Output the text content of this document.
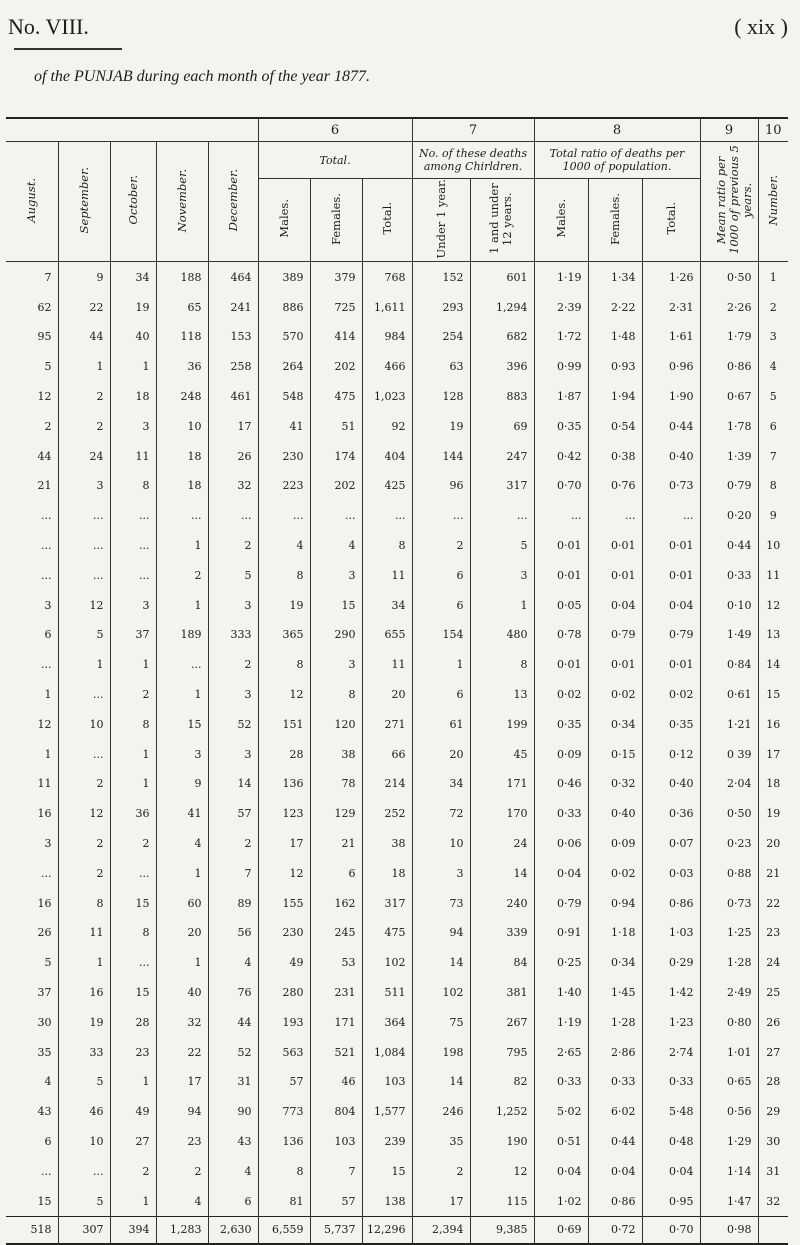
No. VIII.	( xix )
of the PUNJAB during each month of the year 1877.
					6			7		8			9	10
August.	September.	October.	November.	December.	Total.			No. of these deaths among Chirldren.		Total ratio of deaths per 1000 of population.			Mean ratio per 1000 of previous 5 years.	Number.
					Males.	Females.	Total.	Under 1 year.	1 and under 12 years.	Males.	Females.	Total.		
7	9	34	188	464	389	379	768	152	601	1·19	1·34	1·26	0·50	1
62	22	19	65	241	886	725	1,611	293	1,294	2·39	2·22	2·31	2·26	2
95	44	40	118	153	570	414	984	254	682	1·72	1·48	1·61	1·79	3
5	1	1	36	258	264	202	466	63	396	0·99	0·93	0·96	0·86	4
12	2	18	248	461	548	475	1,023	128	883	1·87	1·94	1·90	0·67	5
2	2	3	10	17	41	51	92	19	69	0·35	0·54	0·44	1·78	6
44	24	11	18	26	230	174	404	144	247	0·42	0·38	0·40	1·39	7
21	3	8	18	32	223	202	425	96	317	0·70	0·76	0·73	0·79	8
...	...	...	...	...	...	...	...	...	...	...	...	...	0·20	9
...	...	...	1	2	4	4	8	2	5	0·01	0·01	0·01	0·44	10
...	...	...	2	5	8	3	11	6	3	0·01	0·01	0·01	0·33	11
3	12	3	1	3	19	15	34	6	1	0·05	0·04	0·04	0·10	12
6	5	37	189	333	365	290	655	154	480	0·78	0·79	0·79	1·49	13
...	1	1	...	2	8	3	11	1	8	0·01	0·01	0·01	0·84	14
1	...	2	1	3	12	8	20	6	13	0·02	0·02	0·02	0·61	15
12	10	8	15	52	151	120	271	61	199	0·35	0·34	0·35	1·21	16
1	...	1	3	3	28	38	66	20	45	0·09	0·15	0·12	0 39	17
11	2	1	9	14	136	78	214	34	171	0·46	0·32	0·40	2·04	18
16	12	36	41	57	123	129	252	72	170	0·33	0·40	0·36	0·50	19
3	2	2	4	2	17	21	38	10	24	0·06	0·09	0·07	0·23	20
...	2	...	1	7	12	6	18	3	14	0·04	0·02	0·03	0·88	21
16	8	15	60	89	155	162	317	73	240	0·79	0·94	0·86	0·73	22
26	11	8	20	56	230	245	475	94	339	0·91	1·18	1·03	1·25	23
5	1	...	1	4	49	53	102	14	84	0·25	0·34	0·29	1·28	24
37	16	15	40	76	280	231	511	102	381	1·40	1·45	1·42	2·49	25
30	19	28	32	44	193	171	364	75	267	1·19	1·28	1·23	0·80	26
35	33	23	22	52	563	521	1,084	198	795	2·65	2·86	2·74	1·01	27
4	5	1	17	31	57	46	103	14	82	0·33	0·33	0·33	0·65	28
43	46	49	94	90	773	804	1,577	246	1,252	5·02	6·02	5·48	0·56	29
6	10	27	23	43	136	103	239	35	190	0·51	0·44	0·48	1·29	30
...	...	2	2	4	8	7	15	2	12	0·04	0·04	0·04	1·14	31
15	5	1	4	6	81	57	138	17	115	1·02	0·86	0·95	1·47	32
518	307	394	1,283	2,630	6,559	5,737	12,296	2,394	9,385	0·69	0·72	0·70	0·98	
